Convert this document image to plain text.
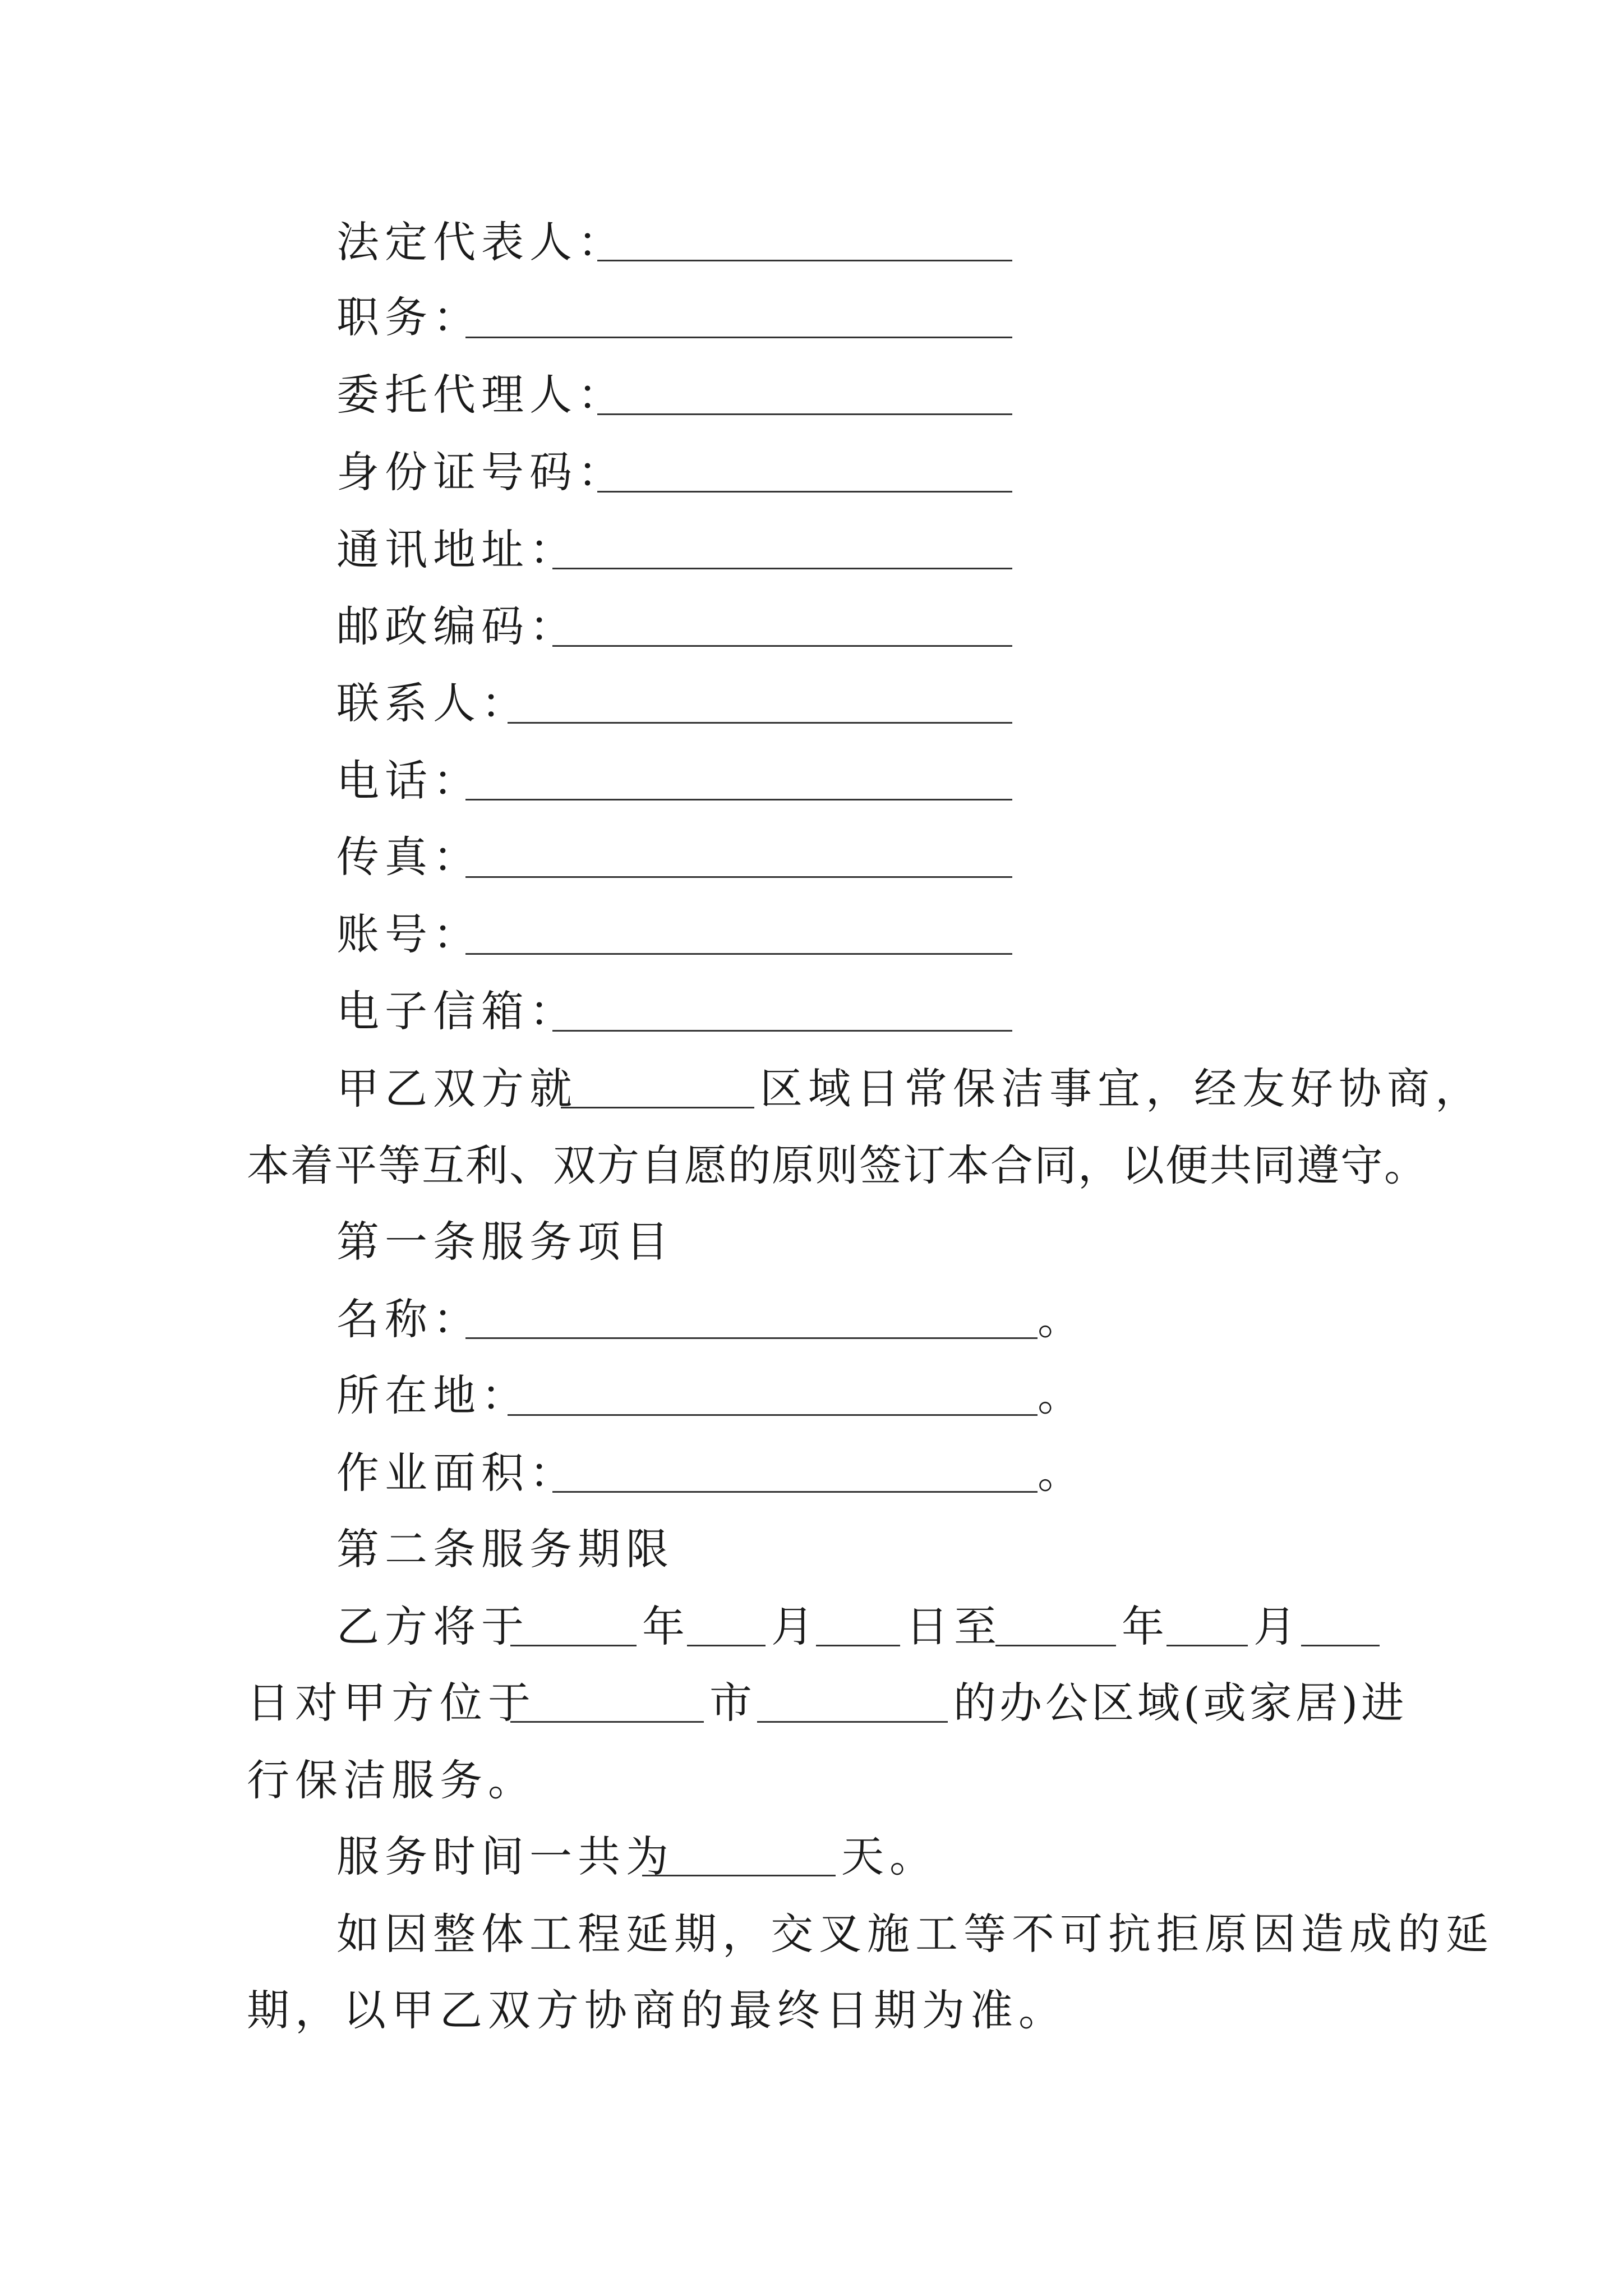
法定代表人：
职务：
委托代理人：
身份证号码：
通讯地址：
邮政编码：
联系人：
电话：
传真：
账号：
电子信箱：
甲乙双方就	区域日常保洁事宜，经友好协商，
本着平等互利、双方自愿的原则签订本合同，以便共同遵守。
第一条服务项目
名称：	。
所在地：	。
作业面积：	。
第二条服务期限
乙方将于	年 月 日至	年 月
日对甲方位于	市	的办公区域(或家居)进
行保洁服务。
服务时间一共为	天。
如因整体工程延期，交叉施工等不可抗拒原因造成的延
期，以甲乙双方协商的最终日期为准。
